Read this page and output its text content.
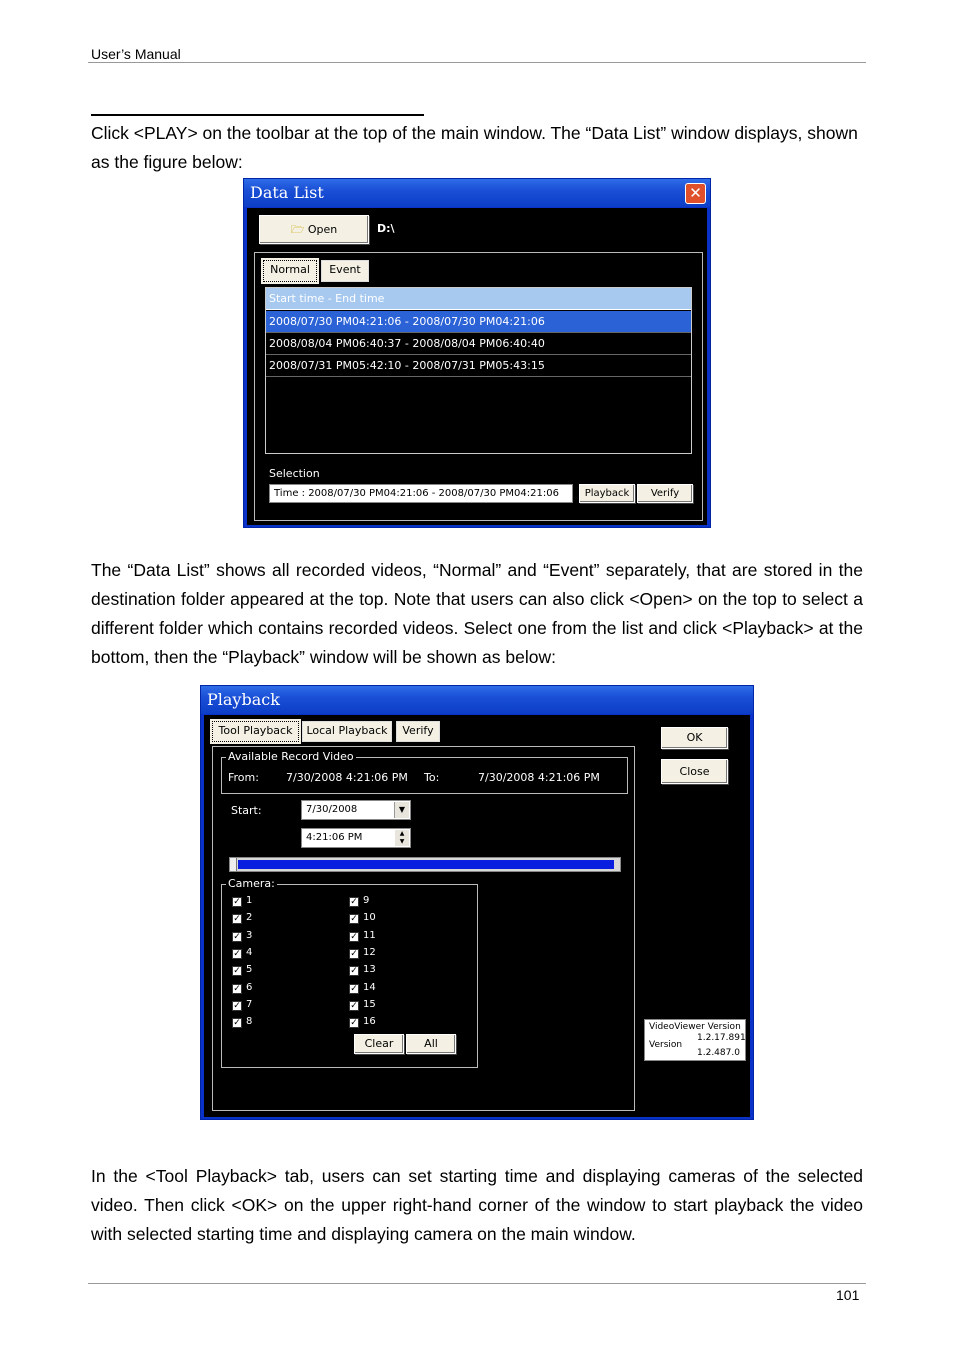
User’s Manual
Click <PLAY> on the toolbar at the top of the main window. The “Data List” window displays, shown as the figure below:
Data List	✕
🗁 Open	D:\
Normal	Event
Start time - End time
2008/07/30 PM04:21:06 - 2008/07/30 PM04:21:06
2008/08/04 PM06:40:37 - 2008/08/04 PM06:40:40
2008/07/31 PM05:42:10 - 2008/07/31 PM05:43:15
Selection
Time : 2008/07/30 PM04:21:06 - 2008/07/30 PM04:21:06	Playback	Verify
The “Data List” shows all recorded videos, “Normal” and “Event” separately, that are stored in the destination folder appeared at the top. Note that users can also click <Open> on the top to select a different folder which contains recorded videos. Select one from the list and click <Playback> at the bottom, then the “Playback” window will be shown as below:
Playback
Tool Playback	Local Playback	Verify
OK
Close
Available Record Video
From: 7/30/2008 4:21:06 PM To:	7/30/2008 4:21:06 PM
Start:	7/30/2008	▼
4:21:06 PM	▲
▼
Camera:
✓ 1
✓ 2
✓ 3
✓ 4
✓ 5
✓ 6
✓ 7
✓ 8
✓ 9
✓ 10
✓ 11
✓ 12
✓ 13
✓ 14
✓ 15
✓ 16
Clear	All
VideoViewer Version
1.2.17.891
Version
1.2.487.0
In the <Tool Playback> tab, users can set starting time and displaying cameras of the selected video. Then click <OK> on the upper right-hand corner of the window to start playback the video with selected starting time and displaying camera on the main window.
101
